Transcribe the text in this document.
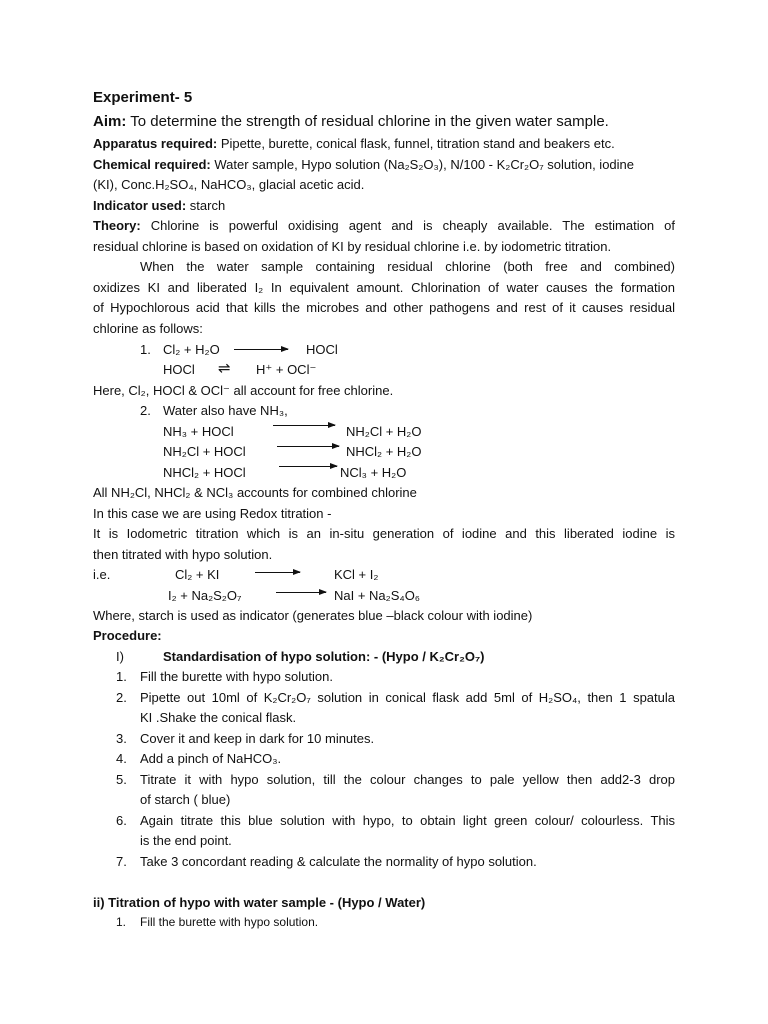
Experiment- 5
Aim: To determine the strength of residual chlorine in the given water sample.
Apparatus required: Pipette, burette, conical flask, funnel, titration stand and beakers etc.
Chemical required: Water sample, Hypo solution (Na₂S₂O₃), N/100 - K₂Cr₂O₇ solution, iodine
(KI), Conc.H₂SO₄, NaHCO₃, glacial acetic acid.
Indicator used: starch
Theory: Chlorine is powerful oxidising agent and is cheaply available. The estimation of
residual chlorine is based on oxidation of KI by residual chlorine i.e. by iodometric titration.
When the water sample containing residual chlorine (both free and combined)
oxidizes KI and liberated I₂ In equivalent amount. Chlorination of water causes the formation
of Hypochlorous acid that kills the microbes and other pathogens and rest of it causes residual
chlorine as follows:
1. Cl₂ + H₂O	HOCl
HOCl ⇌ H⁺ + OCl⁻
Here, Cl₂, HOCl & OCl⁻ all account for free chlorine.
2. Water also have NH₃,
NH₃ + HOCl	NH₂Cl + H₂O
NH₂Cl + HOCl	NHCl₂ + H₂O
NHCl₂ + HOCl	NCl₃ + H₂O
All NH₂Cl, NHCl₂ & NCl₃ accounts for combined chlorine
In this case we are using Redox titration -
It is Iodometric titration which is an in-situ generation of iodine and this liberated iodine is
then titrated with hypo solution.
i.e.	Cl₂ + KI	KCl + I₂
I₂ + Na₂S₂O₇	→ NaI + Na₂S₄O₆
Where, starch is used as indicator (generates blue –black colour with iodine)
Procedure:
I)	Standardisation of hypo solution: - (Hypo / K₂Cr₂O₇)
1. Fill the burette with hypo solution.
2. Pipette out 10ml of K₂Cr₂O₇ solution in conical flask add 5ml of H₂SO₄, then 1 spatula
KI .Shake the conical flask.
3. Cover it and keep in dark for 10 minutes.
4. Add a pinch of NaHCO₃.
5. Titrate it with hypo solution, till the colour changes to pale yellow then add2-3 drop
of starch ( blue)
6. Again titrate this blue solution with hypo, to obtain light green colour/ colourless. This
is the end point.
7. Take 3 concordant reading & calculate the normality of hypo solution.
ii) Titration of hypo with water sample - (Hypo / Water)
1. Fill the burette with hypo solution.
